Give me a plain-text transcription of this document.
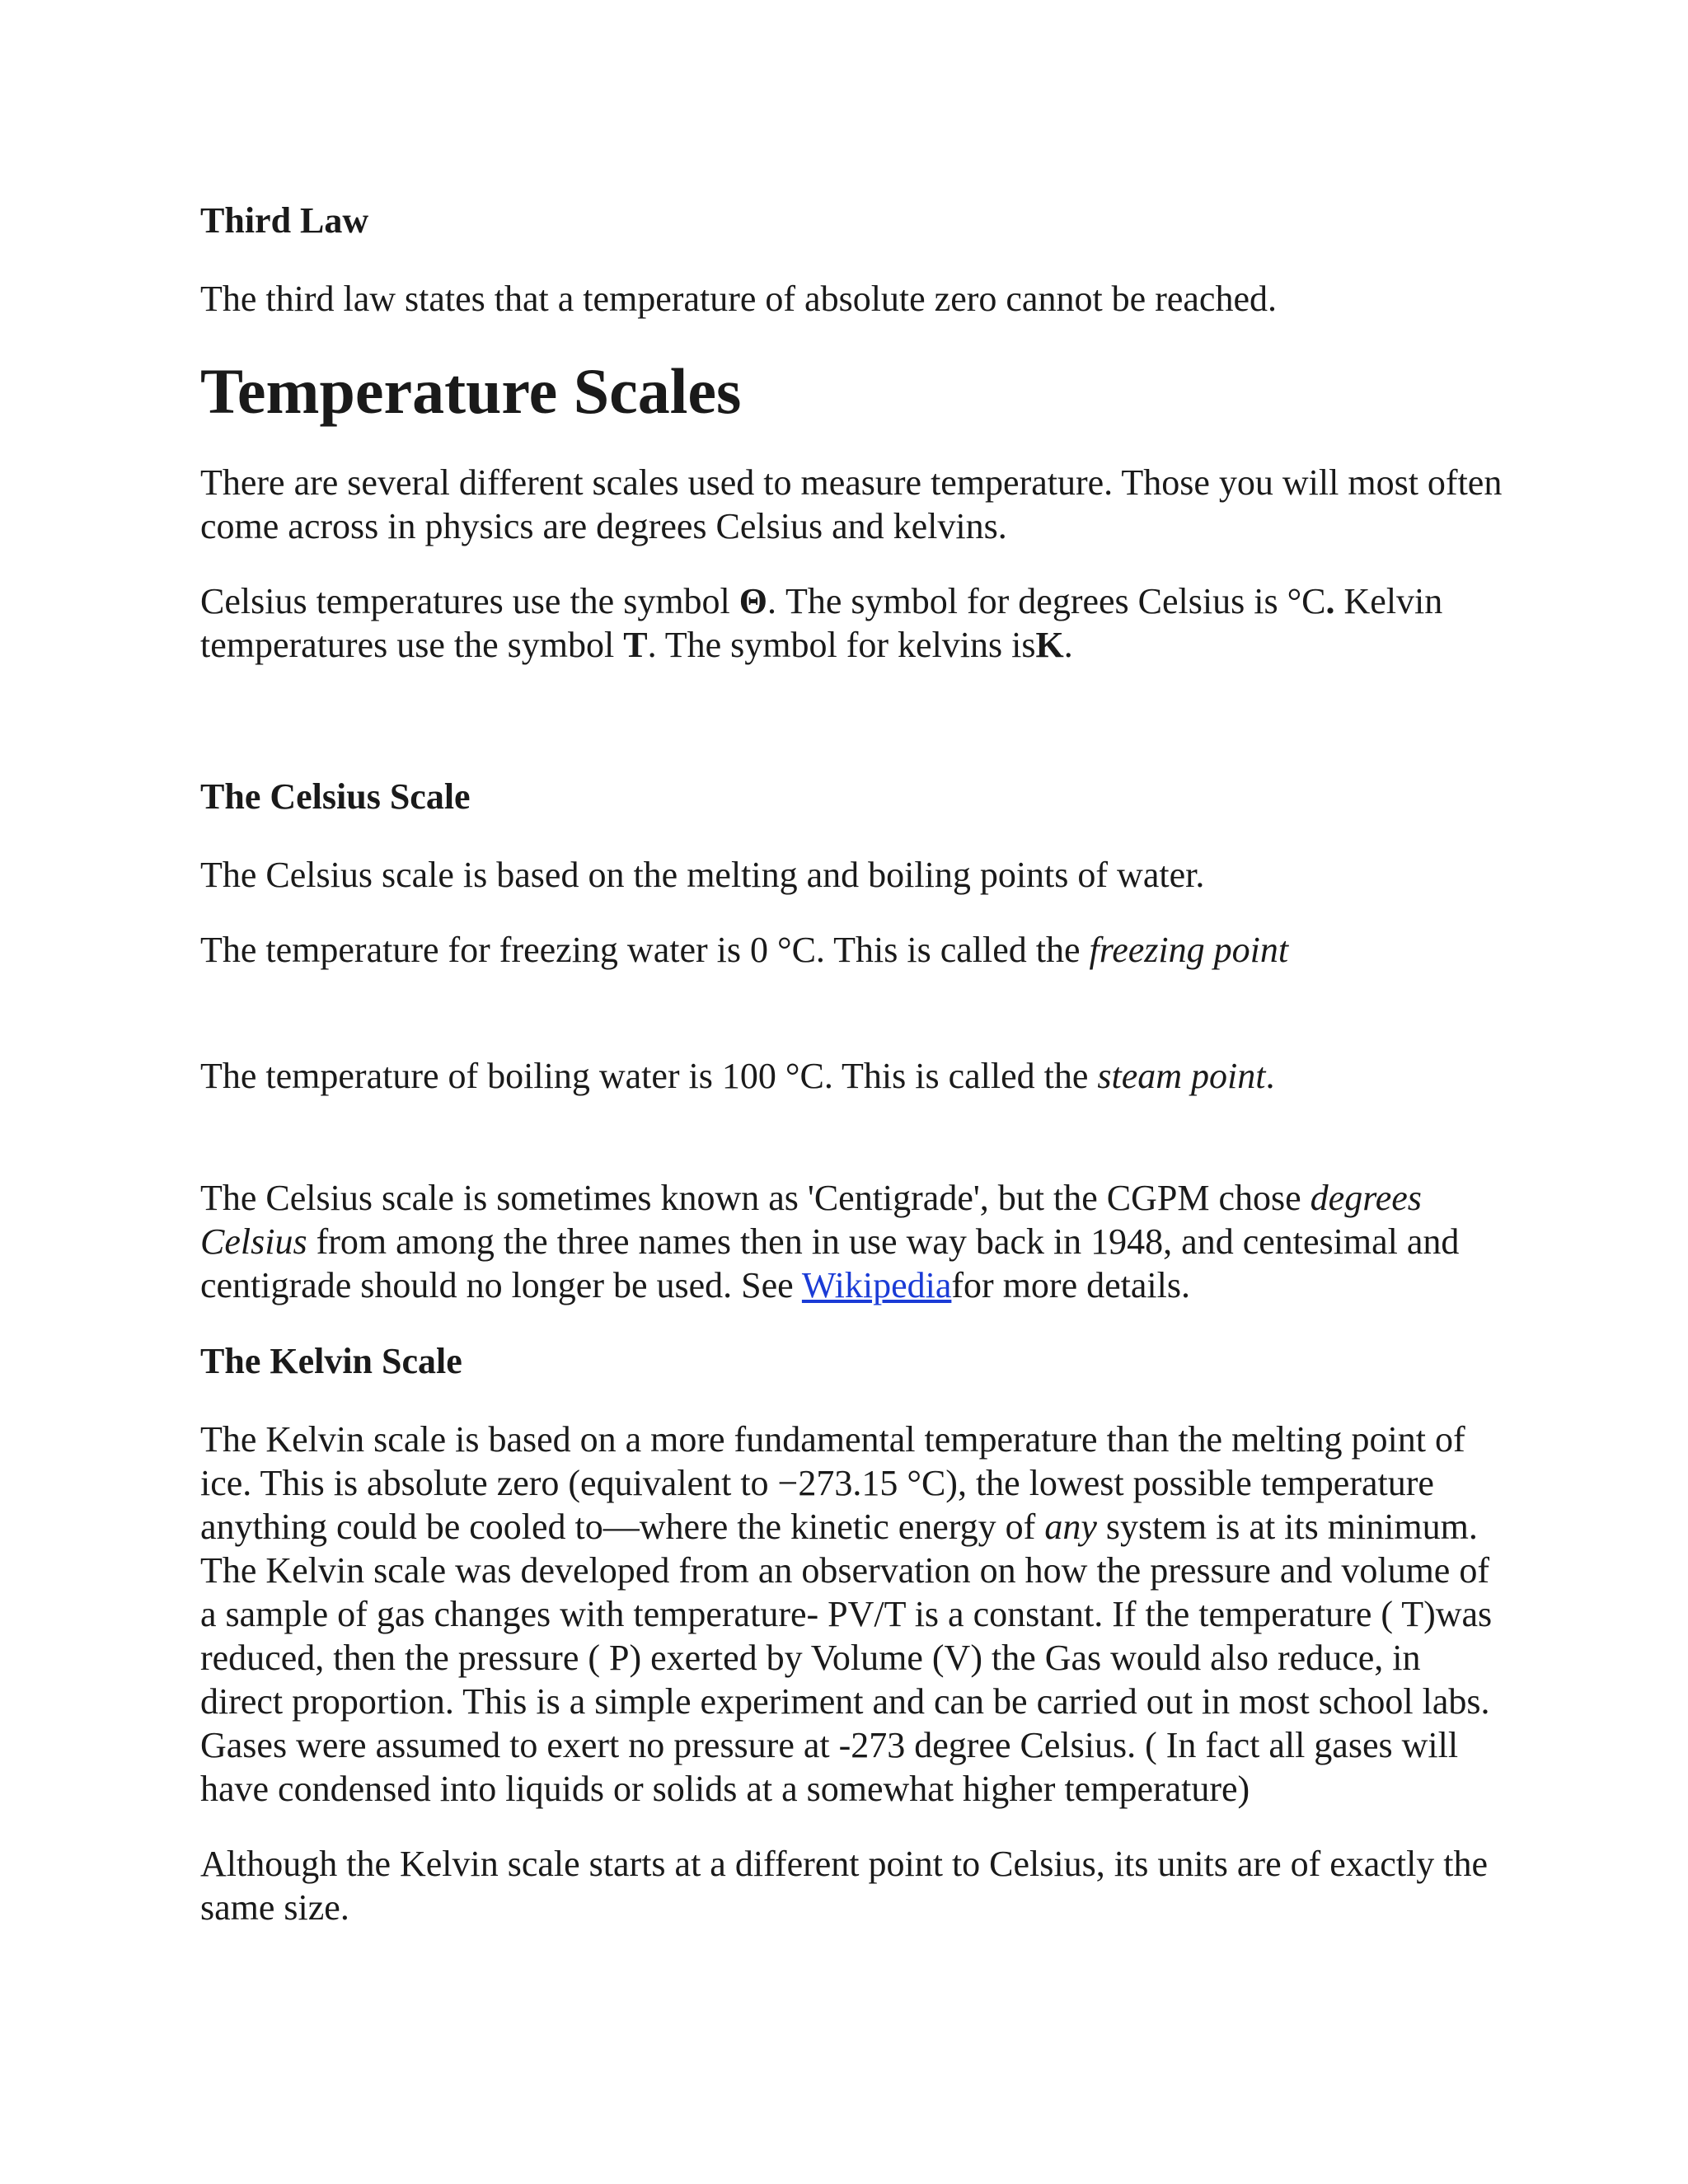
Third Law

The third law states that a temperature of absolute zero cannot be reached.

Temperature Scales

There are several different scales used to measure temperature. Those you will most often come across in physics are degrees Celsius and kelvins.

Celsius temperatures use the symbol Θ. The symbol for degrees Celsius is °C. Kelvin temperatures use the symbol T. The symbol for kelvins isK.

The Celsius Scale

The Celsius scale is based on the melting and boiling points of water.

The temperature for freezing water is 0 °C. This is called the freezing point

The temperature of boiling water is 100 °C. This is called the steam point.

The Celsius scale is sometimes known as 'Centigrade', but the CGPM chose degrees Celsius from among the three names then in use way back in 1948, and centesimal and centigrade should no longer be used. See Wikipediafor more details.

The Kelvin Scale

The Kelvin scale is based on a more fundamental temperature than the melting point of ice. This is absolute zero (equivalent to −273.15 °C), the lowest possible temperature anything could be cooled to—where the kinetic energy of any system is at its minimum. The Kelvin scale was developed from an observation on how the pressure and volume of a sample of gas changes with temperature- PV/T is a constant. If the temperature ( T)was reduced, then the pressure ( P) exerted by Volume (V) the Gas would also reduce, in direct proportion. This is a simple experiment and can be carried out in most school labs. Gases were assumed to exert no pressure at -273 degree Celsius. ( In fact all gases will have condensed into liquids or solids at a somewhat higher temperature)

Although the Kelvin scale starts at a different point to Celsius, its units are of exactly the same size.
